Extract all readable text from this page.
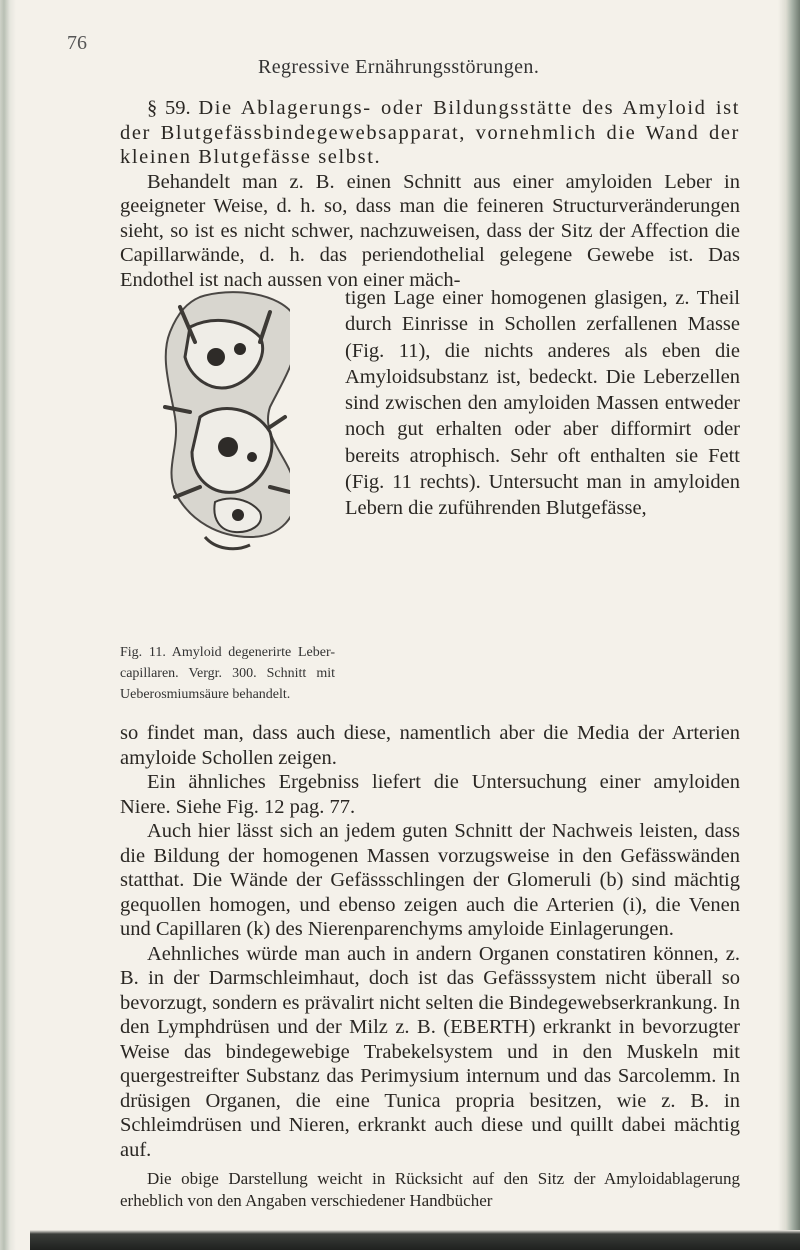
76
Regressive Ernährungsstörungen.

§ 59. Die Ablagerungs- oder Bildungsstätte des Amyloid ist der Blutgefässbindegewebsapparat, vornehmlich die Wand der kleinen Blutgefässe selbst.

Behandelt man z. B. einen Schnitt aus einer amyloiden Leber in geeigneter Weise, d. h. so, dass man die feineren Structurveränderungen sieht, so ist es nicht schwer, nachzuweisen, dass der Sitz der Affection die Capillarwände, d. h. das periendothelial gelegene Gewebe ist. Das Endothel ist nach aussen von einer mäch-

tigen Lage einer homogenen glasigen, z. Theil durch Einrisse in Schollen zerfallenen Masse (Fig. 11), die nichts anderes als eben die Amyloidsubstanz ist, bedeckt. Die Leberzellen sind zwischen den amyloiden Massen entweder noch gut erhalten oder aber difformirt oder bereits atrophisch. Sehr oft enthalten sie Fett (Fig. 11 rechts). Untersucht man in amyloiden Lebern die zuführenden Blutgefässe,

Fig. 11. Amyloid degenerirte Leber-capillaren. Vergr. 300. Schnitt mit Ueberosmiumsäure behandelt.

so findet man, dass auch diese, namentlich aber die Media der Arterien amyloide Schollen zeigen.

Ein ähnliches Ergebniss liefert die Untersuchung einer amyloiden Niere. Siehe Fig. 12 pag. 77.

Auch hier lässt sich an jedem guten Schnitt der Nachweis leisten, dass die Bildung der homogenen Massen vorzugsweise in den Gefässwänden statthat. Die Wände der Gefässschlingen der Glomeruli (b) sind mächtig gequollen homogen, und ebenso zeigen auch die Arterien (i), die Venen und Capillaren (k) des Nierenparenchyms amyloide Einlagerungen.

Aehnliches würde man auch in andern Organen constatiren können, z. B. in der Darmschleimhaut, doch ist das Gefässsystem nicht überall so bevorzugt, sondern es prävalirt nicht selten die Bindegewebserkrankung. In den Lymphdrüsen und der Milz z. B. (EBERTH) erkrankt in bevorzugter Weise das bindegewebige Trabekelsystem und in den Muskeln mit quergestreifter Substanz das Perimysium internum und das Sarcolemm. In drüsigen Organen, die eine Tunica propria besitzen, wie z. B. in Schleimdrüsen und Nieren, erkrankt auch diese und quillt dabei mächtig auf.

Die obige Darstellung weicht in Rücksicht auf den Sitz der Amyloidablagerung erheblich von den Angaben verschiedener Handbücher
